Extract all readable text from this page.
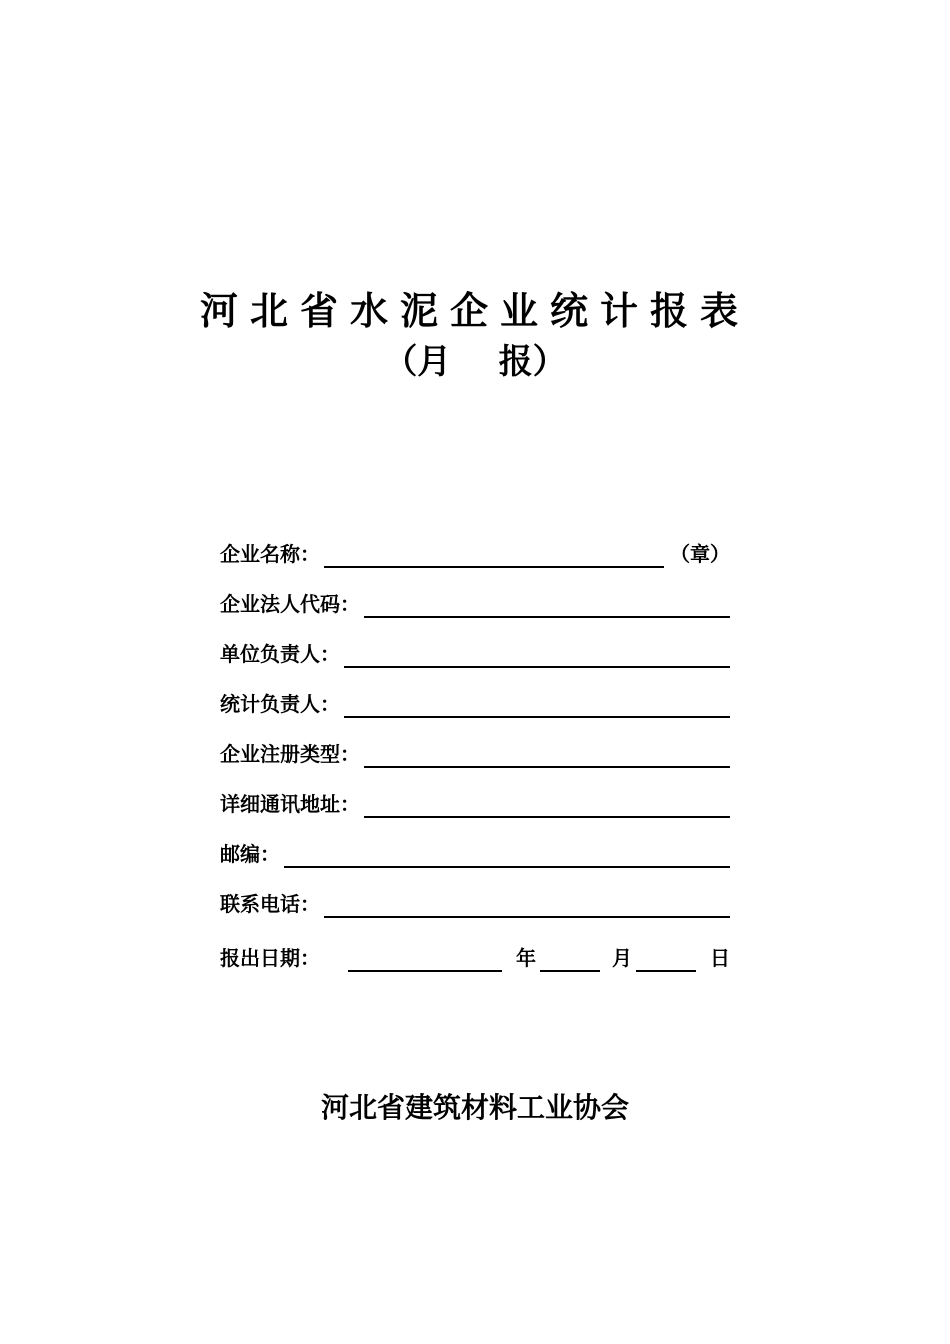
河北省水泥企业统计报表
（月    报）
企业名称：	（章）
企业法人代码：
单位负责人：
统计负责人：
企业注册类型：
详细通讯地址：
邮编：
联系电话：
报出日期：	年	月	日
河北省建筑材料工业协会
